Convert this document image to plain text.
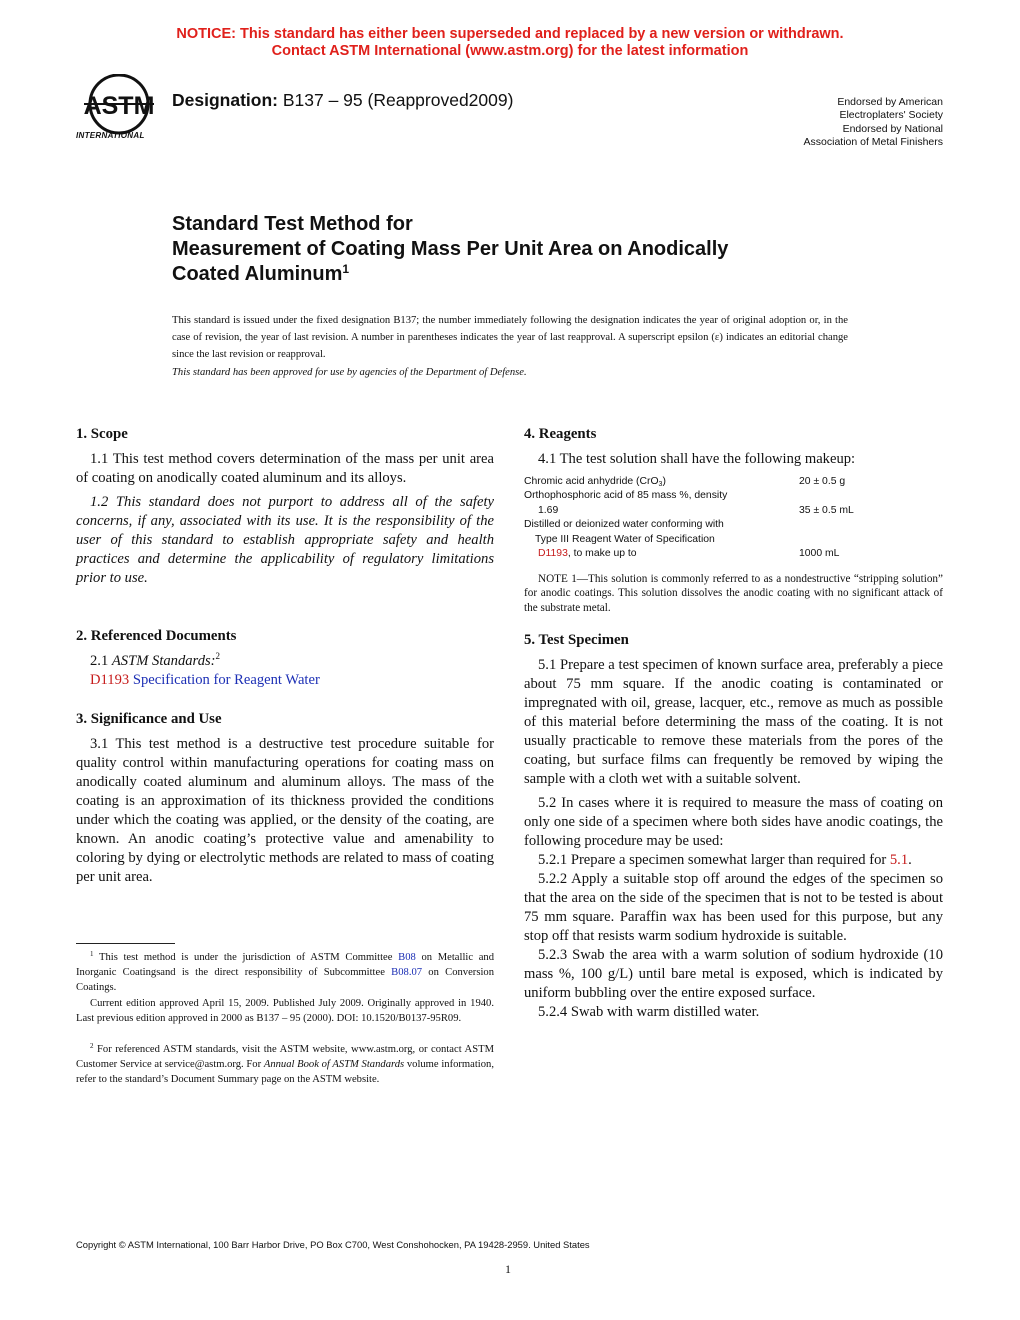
NOTICE: This standard has either been superseded and replaced by a new version or withdrawn.
Contact ASTM International (www.astm.org) for the latest information
ASTM
INTERNATIONAL
Designation: B137 – 95 (Reapproved2009)	Endorsed by American
Electroplaters' Society
Endorsed by National
Association of Metal Finishers
Standard Test Method for
Measurement of Coating Mass Per Unit Area on Anodically
Coated Aluminum$^1$
This standard is issued under the fixed designation B137; the number immediately following the designation indicates the year of original adoption or, in the case of revision, the year of last revision. A number in parentheses indicates the year of last reapproval. A superscript epsilon (ε) indicates an editorial change since the last revision or reapproval.
This standard has been approved for use by agencies of the Department of Defense.
1. Scope
1.1 This test method covers determination of the mass per unit area of coating on anodically coated aluminum and its alloys.
1.2 This standard does not purport to address all of the safety concerns, if any, associated with its use. It is the responsibility of the user of this standard to establish appropriate safety and health practices and determine the applicability of regulatory limitations prior to use.
2. Referenced Documents
2.1 ASTM Standards:$^2$
D1193 Specification for Reagent Water
3. Significance and Use
3.1 This test method is a destructive test procedure suitable for quality control within manufacturing operations for coating mass on anodically coated aluminum and aluminum alloys. The mass of the coating is an approximation of its thickness provided the conditions under which the coating was applied, or the density of the coating, are known. An anodic coating’s protective value and amenability to coloring by dying or electrolytic methods are related to mass of coating per unit area.
$^1$ This test method is under the jurisdiction of ASTM Committee B08 on Metallic and Inorganic Coatingsand is the direct responsibility of Subcommittee B08.07 on Conversion Coatings.
Current edition approved April 15, 2009. Published July 2009. Originally approved in 1940. Last previous edition approved in 2000 as B137 – 95 (2000). DOI: 10.1520/B0137-95R09.
$^2$ For referenced ASTM standards, visit the ASTM website, www.astm.org, or contact ASTM Customer Service at service@astm.org. For Annual Book of ASTM Standards volume information, refer to the standard’s Document Summary page on the ASTM website.
4. Reagents
4.1 The test solution shall have the following makeup:
Chromic acid anhydride (CrO$_3$)	20 ± 0.5 g
Orthophosphoric acid of 85 mass %, density
1.69	35 ± 0.5 mL
Distilled or deionized water conforming with
Type III Reagent Water of Specification
D1193, to make up to	1000 mL
NOTE 1—This solution is commonly referred to as a nondestructive “stripping solution” for anodic coatings. This solution dissolves the anodic coating with no significant attack of the substrate metal.
5. Test Specimen
5.1 Prepare a test specimen of known surface area, preferably a piece about 75 mm square. If the anodic coating is contaminated or impregnated with oil, grease, lacquer, etc., remove as much as possible of this material before determining the mass of the coating. It is not usually practicable to remove these materials from the pores of the coating, but surface films can frequently be removed by wiping the sample with a cloth wet with a suitable solvent.
5.2 In cases where it is required to measure the mass of coating on only one side of a specimen where both sides have anodic coatings, the following procedure may be used:
5.2.1 Prepare a specimen somewhat larger than required for 5.1.
5.2.2 Apply a suitable stop off around the edges of the specimen so that the area on the side of the specimen that is not to be tested is about 75 mm square. Paraffin wax has been used for this purpose, but any stop off that resists warm sodium hydroxide is suitable.
5.2.3 Swab the area with a warm solution of sodium hydroxide (10 mass %, 100 g/L) until bare metal is exposed, which is indicated by uniform bubbling over the entire exposed surface.
5.2.4 Swab with warm distilled water.
Copyright © ASTM International, 100 Barr Harbor Drive, PO Box C700, West Conshohocken, PA 19428-2959. United States
1
